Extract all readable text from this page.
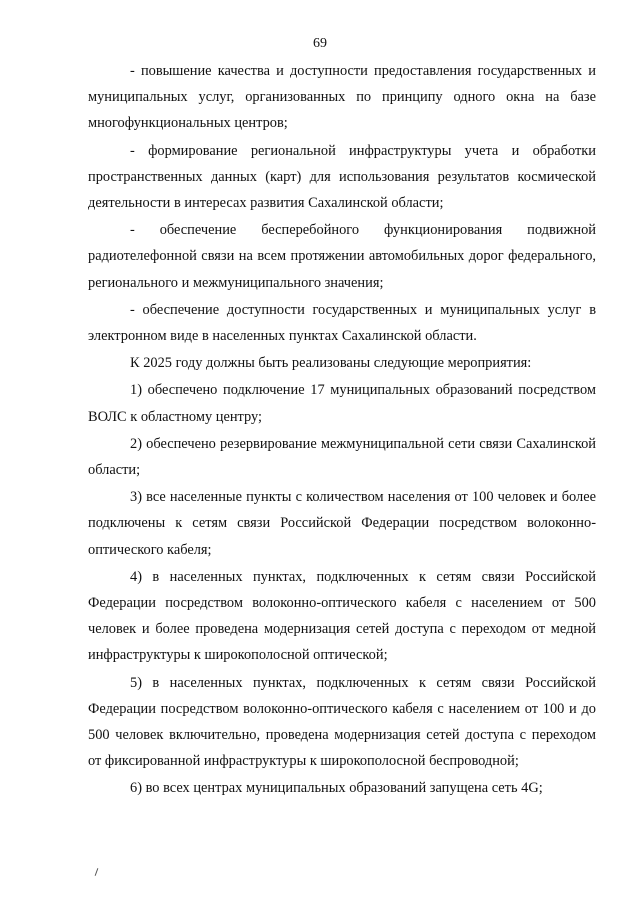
69

- повышение качества и доступности предоставления государственных и муниципальных услуг, организованных по принципу одного окна на базе многофункциональных центров;

- формирование региональной инфраструктуры учета и обработки пространственных данных (карт) для использования результатов космической деятельности в интересах развития Сахалинской области;

- обеспечение бесперебойного функционирования подвижной радиотелефонной связи на всем протяжении автомобильных дорог федерального, регионального и межмуниципального значения;

- обеспечение доступности государственных и муниципальных услуг в электронном виде в населенных пунктах Сахалинской области.

К 2025 году должны быть реализованы следующие мероприятия:

1) обеспечено подключение 17 муниципальных образований посредством ВОЛС к областному центру;

2) обеспечено резервирование межмуниципальной сети связи Сахалинской области;

3) все населенные пункты с количеством населения от 100 человек и более подключены к сетям связи Российской Федерации посредством волоконно-оптического кабеля;

4) в населенных пунктах, подключенных к сетям связи Российской Федерации посредством волоконно-оптического кабеля с населением от 500 человек и более проведена модернизация сетей доступа с переходом от медной инфраструктуры к широкополосной оптической;

5) в населенных пунктах, подключенных к сетям связи Российской Федерации посредством волоконно-оптического кабеля с населением от 100 и до 500 человек включительно, проведена модернизация сетей доступа с переходом от фиксированной инфраструктуры к широкополосной беспроводной;

6) во всех центрах муниципальных образований запущена сеть 4G;
